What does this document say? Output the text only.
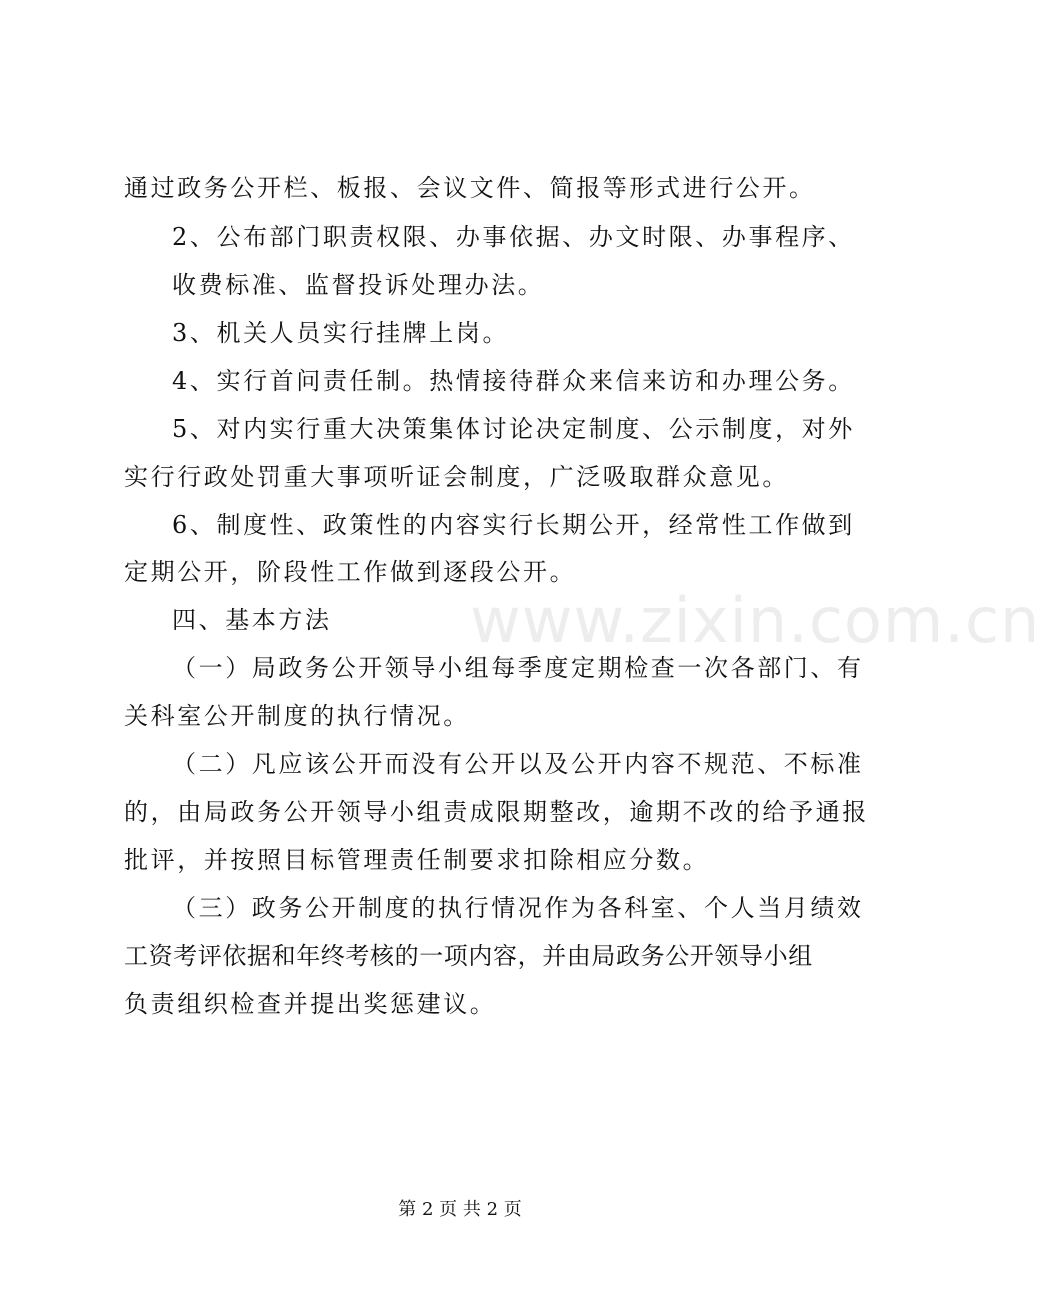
www.zixin.com.cn
通过政务公开栏、板报、会议文件、简报等形式进行公开。
2、公布部门职责权限、办事依据、办文时限、办事程序、
收费标准、监督投诉处理办法。
3、机关人员实行挂牌上岗。
4、实行首问责任制。热情接待群众来信来访和办理公务。
5、对内实行重大决策集体讨论决定制度、公示制度，对外
实行行政处罚重大事项听证会制度，广泛吸取群众意见。
6、制度性、政策性的内容实行长期公开，经常性工作做到
定期公开，阶段性工作做到逐段公开。
四、基本方法
（一）局政务公开领导小组每季度定期检查一次各部门、有
关科室公开制度的执行情况。
（二）凡应该公开而没有公开以及公开内容不规范、不标准
的，由局政务公开领导小组责成限期整改，逾期不改的给予通报
批评，并按照目标管理责任制要求扣除相应分数。
（三）政务公开制度的执行情况作为各科室、个人当月绩效
工资考评依据和年终考核的一项内容，并由局政务公开领导小组
负责组织检查并提出奖惩建议。
第 2 页 共 2 页
